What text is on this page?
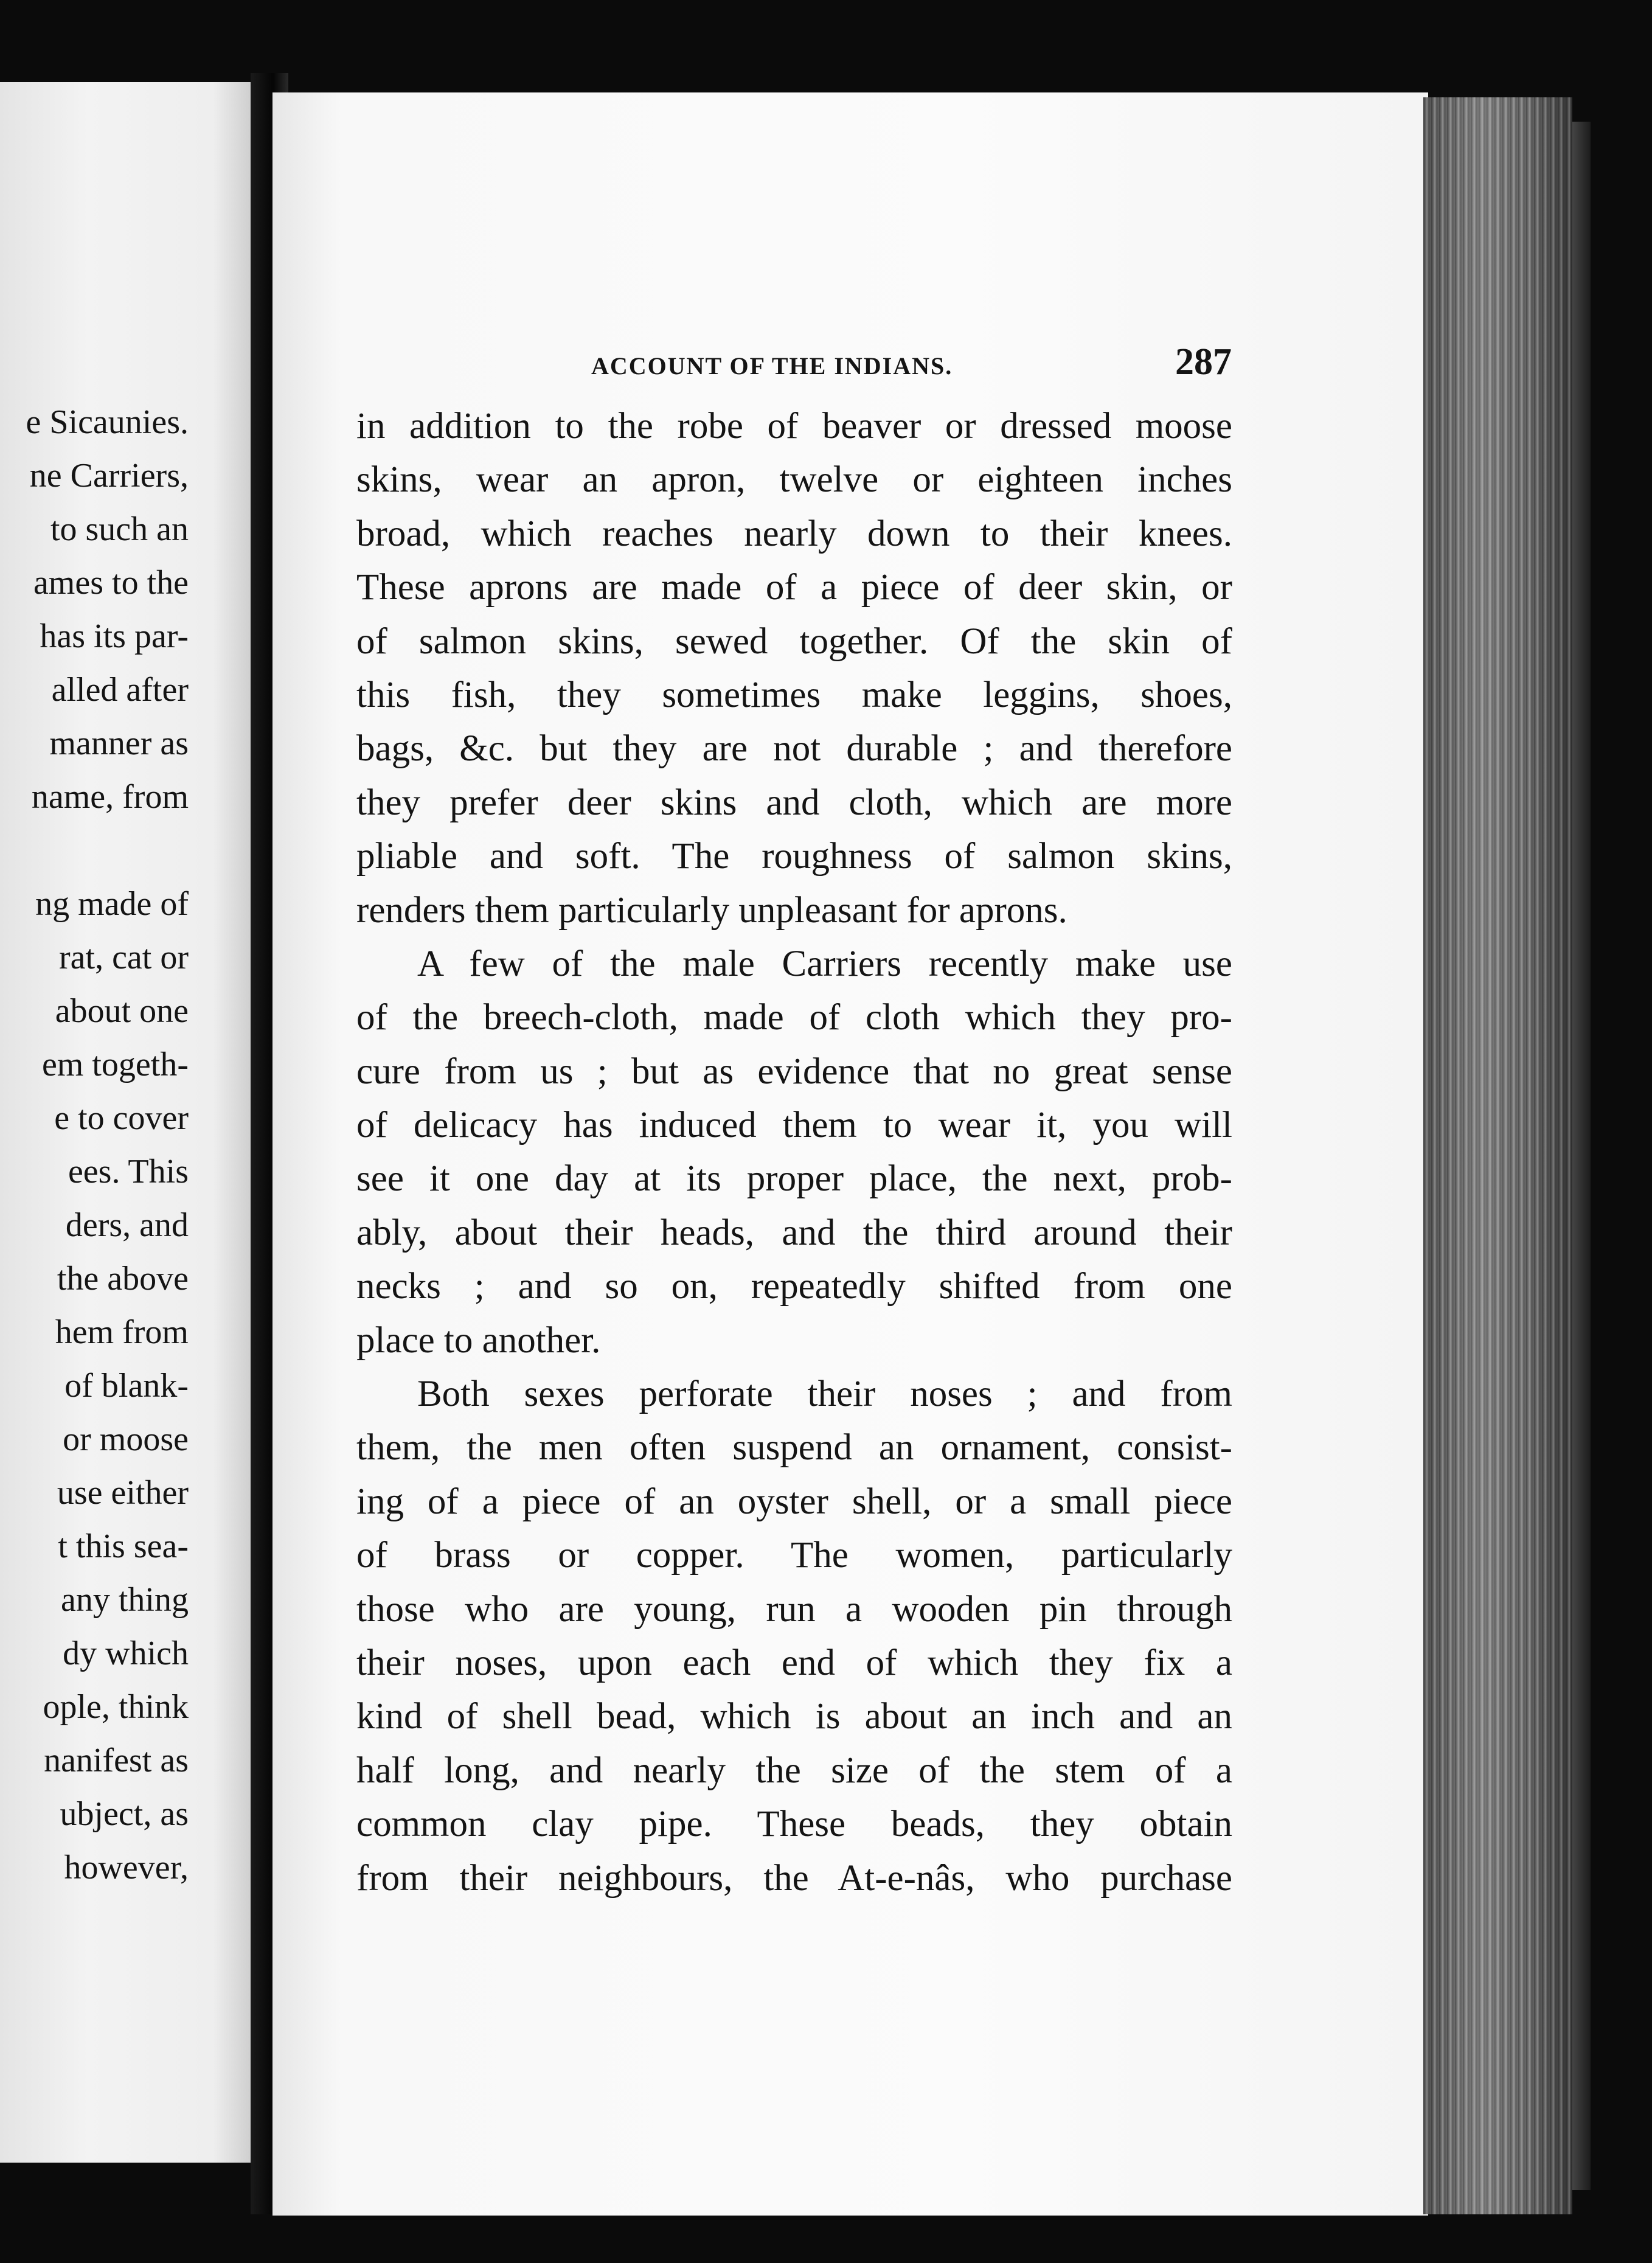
e Sicaunies.
ne Carriers,
to such an
ames to the
has its par-
alled after
manner as
name, from
ng made of
rat, cat or
about one
em togeth-
e to cover
ees. This
ders, and
the above
hem from
of blank-
or moose
use either
t this sea-
any thing
dy which
ople, think
nanifest as
ubject, as
however,
ACCOUNT OF THE INDIANS.	287
in addition to the robe of beaver or dressed moose
skins, wear an apron, twelve or eighteen inches
broad, which reaches nearly down to their knees.
These aprons are made of a piece of deer skin, or
of salmon skins, sewed together. Of the skin of
this fish, they sometimes make leggins, shoes,
bags, &c. but they are not durable ; and therefore
they prefer deer skins and cloth, which are more
pliable and soft. The roughness of salmon skins,
renders them particularly unpleasant for aprons.
A few of the male Carriers recently make use
of the breech-cloth, made of cloth which they pro-
cure from us ; but as evidence that no great sense
of delicacy has induced them to wear it, you will
see it one day at its proper place, the next, prob-
ably, about their heads, and the third around their
necks ; and so on, repeatedly shifted from one
place to another.
Both sexes perforate their noses ; and from
them, the men often suspend an ornament, consist-
ing of a piece of an oyster shell, or a small piece
of brass or copper. The women, particularly
those who are young, run a wooden pin through
their noses, upon each end of which they fix a
kind of shell bead, which is about an inch and an
half long, and nearly the size of the stem of a
common clay pipe. These beads, they obtain
from their neighbours, the At-e-nâs, who purchase
